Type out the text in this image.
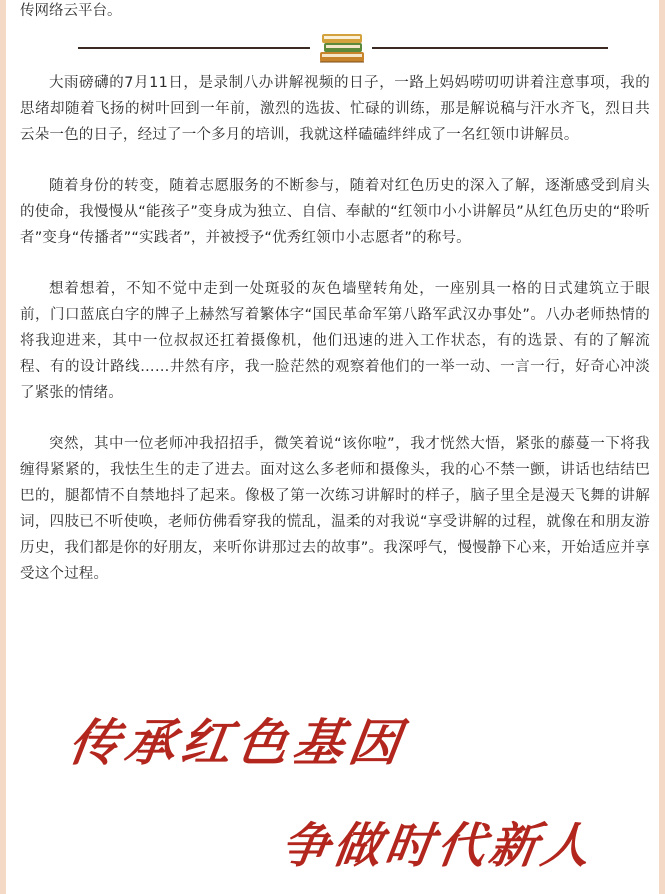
传网络云平台。

大雨磅礴的7月11日，是录制八办讲解视频的日子，一路上妈妈唠叨叨讲着注意事项，我的思绪却随着飞扬的树叶回到一年前，激烈的选拔、忙碌的训练，那是解说稿与汗水齐飞，烈日共云朵一色的日子，经过了一个多月的培训，我就这样磕磕绊绊成了一名红领巾讲解员。

随着身份的转变，随着志愿服务的不断参与，随着对红色历史的深入了解，逐渐感受到肩头的使命，我慢慢从“能孩子”变身成为独立、自信、奉献的“红领巾小小讲解员”从红色历史的“聆听者”变身“传播者”“实践者”，并被授予“优秀红领巾小志愿者”的称号。

想着想着，不知不觉中走到一处斑驳的灰色墙壁转角处，一座别具一格的日式建筑立于眼前，门口蓝底白字的牌子上赫然写着繁体字“国民革命军第八路军武汉办事处”。八办老师热情的将我迎进来，其中一位叔叔还扛着摄像机，他们迅速的进入工作状态，有的选景、有的了解流程、有的设计路线……井然有序，我一脸茫然的观察着他们的一举一动、一言一行，好奇心冲淡了紧张的情绪。

突然，其中一位老师冲我招招手，微笑着说“该你啦”，我才恍然大悟，紧张的藤蔓一下将我缠得紧紧的，我怯生生的走了进去。面对这么多老师和摄像头，我的心不禁一颤，讲话也结结巴巴的，腿都情不自禁地抖了起来。像极了第一次练习讲解时的样子，脑子里全是漫天飞舞的讲解词，四肢已不听使唤，老师仿佛看穿我的慌乱，温柔的对我说“享受讲解的过程，就像在和朋友游历史，我们都是你的好朋友，来听你讲那过去的故事”。我深呼气，慢慢静下心来，开始适应并享受这个过程。

传承红色基因
争做时代新人
